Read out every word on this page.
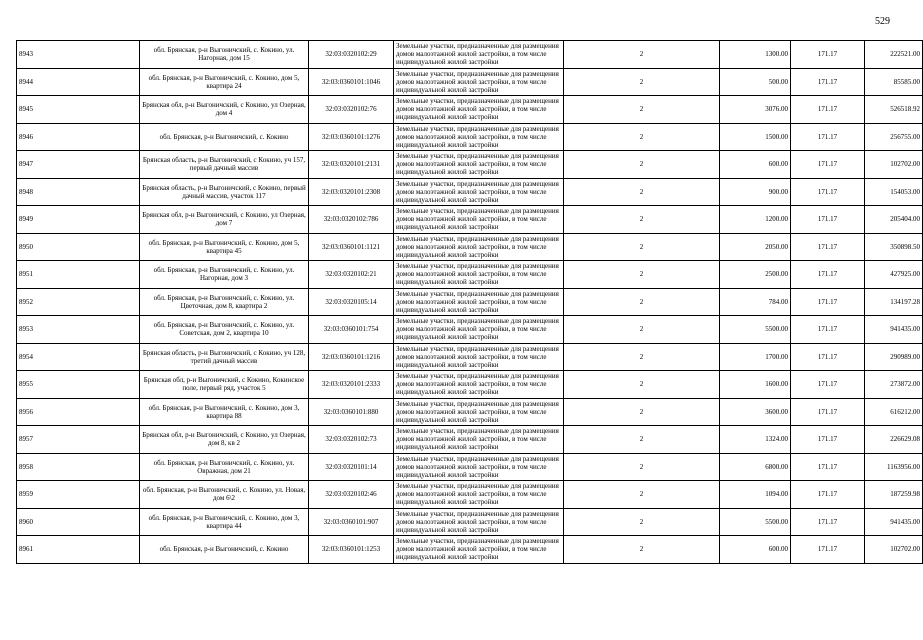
529
8943	обл. Брянская, р-н Выгоничский, с. Кокино, ул. Нагорная, дом 15	32:03:0320102:29	Земельные участки, предназначенные для размещения домов малоэтажной жилой застройки, в том числе индивидуальной жилой застройки	2	1300.00	171.17	222521.00
8944	обл. Брянская, р-н Выгоничский, с. Кокино, дом 5, квартира 24	32:03:0360101:1046	Земельные участки, предназначенные для размещения домов малоэтажной жилой застройки, в том числе индивидуальной жилой застройки	2	500.00	171.17	85585.00
8945	Брянская обл, р-н Выгоничский, с Кокино, ул Озерная, дом 4	32:03:0320102:76	Земельные участки, предназначенные для размещения домов малоэтажной жилой застройки, в том числе индивидуальной жилой застройки	2	3076.00	171.17	526518.92
8946	обл. Брянская, р-н Выгоничский, с. Кокино	32:03:0360101:1276	Земельные участки, предназначенные для размещения домов малоэтажной жилой застройки, в том числе индивидуальной жилой застройки	2	1500.00	171.17	256755.00
8947	Брянская область, р-н Выгоничский, с Кокино, уч 157, первый дачный массив	32:03:0320101:2131	Земельные участки, предназначенные для размещения домов малоэтажной жилой застройки, в том числе индивидуальной жилой застройки	2	600.00	171.17	102702.00
8948	Брянская область, р-н Выгоничский, с Кокино, первый дачный массив, участок 117	32:03:0320101:2308	Земельные участки, предназначенные для размещения домов малоэтажной жилой застройки, в том числе индивидуальной жилой застройки	2	900.00	171.17	154053.00
8949	Брянская обл, р-н Выгоничский, с Кокино, ул Озерная, дом 7	32:03:0320102:786	Земельные участки, предназначенные для размещения домов малоэтажной жилой застройки, в том числе индивидуальной жилой застройки	2	1200.00	171.17	205404.00
8950	обл. Брянская, р-н Выгоничский, с. Кокино, дом 5, квартира 45	32:03:0360101:1121	Земельные участки, предназначенные для размещения домов малоэтажной жилой застройки, в том числе индивидуальной жилой застройки	2	2050.00	171.17	350898.50
8951	обл. Брянская, р-н Выгоничский, с. Кокино, ул. Нагорная, дом 3	32:03:0320102:21	Земельные участки, предназначенные для размещения домов малоэтажной жилой застройки, в том числе индивидуальной жилой застройки	2	2500.00	171.17	427925.00
8952	обл. Брянская, р-н Выгоничский, с. Кокино, ул. Цветочная, дом 8, квартира 2	32:03:0320105:14	Земельные участки, предназначенные для размещения домов малоэтажной жилой застройки, в том числе индивидуальной жилой застройки	2	784.00	171.17	134197.28
8953	обл. Брянская, р-н Выгоничский, с. Кокино, ул. Советская, дом 2, квартира 10	32:03:0360101:754	Земельные участки, предназначенные для размещения домов малоэтажной жилой застройки, в том числе индивидуальной жилой застройки	2	5500.00	171.17	941435.00
8954	Брянская область, р-н Выгоничский, с Кокино, уч 128, третий дачный массив	32:03:0360101:1216	Земельные участки, предназначенные для размещения домов малоэтажной жилой застройки, в том числе индивидуальной жилой застройки	2	1700.00	171.17	290989.00
8955	Брянская обл, р-н Выгоничский, с Кокино, Кокинское поле, первый ряд, участок 5	32:03:0320101:2333	Земельные участки, предназначенные для размещения домов малоэтажной жилой застройки, в том числе индивидуальной жилой застройки	2	1600.00	171.17	273872.00
8956	обл. Брянская, р-н Выгоничский, с. Кокино, дом 3, квартира 88	32:03:0360101:880	Земельные участки, предназначенные для размещения домов малоэтажной жилой застройки, в том числе индивидуальной жилой застройки	2	3600.00	171.17	616212.00
8957	Брянская обл, р-н Выгоничский, с Кокино, ул Озерная, дом 8, кв 2	32:03:0320102:73	Земельные участки, предназначенные для размещения домов малоэтажной жилой застройки, в том числе индивидуальной жилой застройки	2	1324.00	171.17	226629.08
8958	обл. Брянская, р-н Выгоничский, с. Кокино, ул. Овражная, дом 21	32:03:0320101:14	Земельные участки, предназначенные для размещения домов малоэтажной жилой застройки, в том числе индивидуальной жилой застройки	2	6800.00	171.17	1163956.00
8959	обл. Брянская, р-н Выгоничский, с. Кокино, ул. Новая, дом 6\2	32:03:0320102:46	Земельные участки, предназначенные для размещения домов малоэтажной жилой застройки, в том числе индивидуальной жилой застройки	2	1094.00	171.17	187259.98
8960	обл. Брянская, р-н Выгоничский, с. Кокино, дом 3, квартира 44	32:03:0360101:907	Земельные участки, предназначенные для размещения домов малоэтажной жилой застройки, в том числе индивидуальной жилой застройки	2	5500.00	171.17	941435.00
8961	обл. Брянская, р-н Выгоничский, с. Кокино	32:03:0360101:1253	Земельные участки, предназначенные для размещения домов малоэтажной жилой застройки, в том числе индивидуальной жилой застройки	2	600.00	171.17	102702.00
